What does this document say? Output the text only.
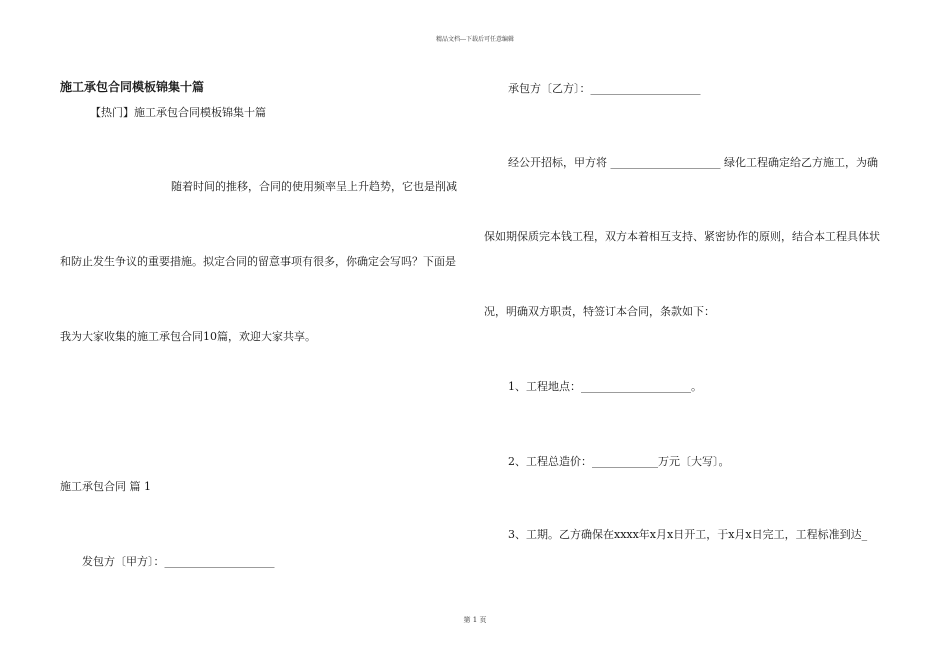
精品文档---下载后可任意编辑
施工承包合同模板锦集十篇
【热门】施工承包合同模板锦集十篇
随着时间的推移，合同的使用频率呈上升趋势，它也是削减
和防止发生争议的重要措施。拟定合同的留意事项有很多，你确定会写吗？下面是
我为大家收集的施工承包合同10篇，欢迎大家共享。
施工承包合同 篇 1
发包方〔甲方〕：____________________
承包方〔乙方〕：____________________
经公开招标，甲方将 ____________________ 绿化工程确定给乙方施工，为确
保如期保质完本钱工程，双方本着相互支持、紧密协作的原则，结合本工程具体状
况，明确双方职责，特签订本合同，条款如下：
1、工程地点：____________________。
2、工程总造价：____________万元〔大写〕。
3、工期。乙方确保在xxxx年x月x日开工，于x月x日完工，工程标准到达_
第 1 页
